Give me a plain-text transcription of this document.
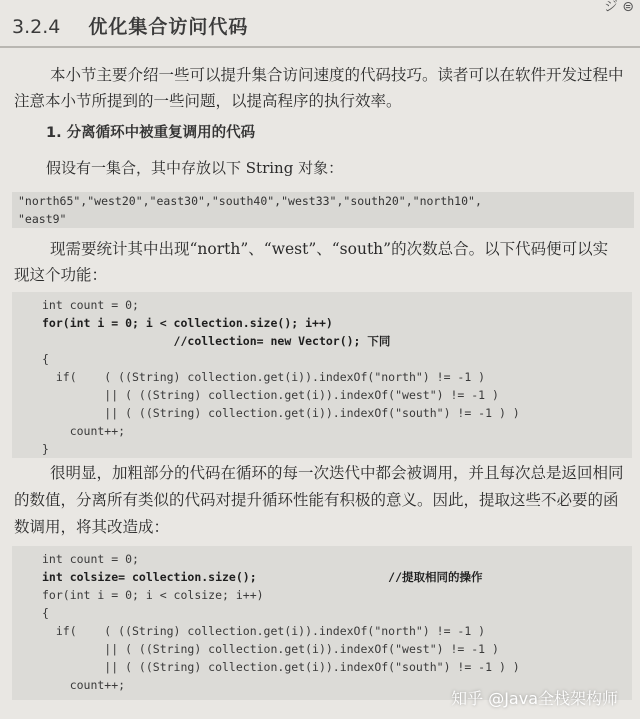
3.2.4 优化集合访问代码
ジ ⊜
本小节主要介绍一些可以提升集合访问速度的代码技巧。读者可以在软件开发过程中
注意本小节所提到的一些问题，以提高程序的执行效率。
1. 分离循环中被重复调用的代码
假设有一集合，其中存放以下 String 对象：
"north65","west20","east30","south40","west33","south20","north10",
"east9"
现需要统计其中出现“north”、“west”、“south”的次数总合。以下代码便可以实
现这个功能：
int count = 0;
for(int i = 0; i < collection.size(); i++)
//collection= new Vector(); 下同
{
if(    ( ((String) collection.get(i)).indexOf("north") != -1 )
|| ( ((String) collection.get(i)).indexOf("west") != -1 )
|| ( ((String) collection.get(i)).indexOf("south") != -1 ) )
count++;
}
很明显，加粗部分的代码在循环的每一次迭代中都会被调用，并且每次总是返回相同
的数值，分离所有类似的代码对提升循环性能有积极的意义。因此，提取这些不必要的函
数调用，将其改造成：
int count = 0;
int colsize= collection.size();                   //提取相同的操作
for(int i = 0; i < colsize; i++)
{
if(    ( ((String) collection.get(i)).indexOf("north") != -1 )
|| ( ((String) collection.get(i)).indexOf("west") != -1 )
|| ( ((String) collection.get(i)).indexOf("south") != -1 ) )
count++;
知乎 @Java全栈架构师
